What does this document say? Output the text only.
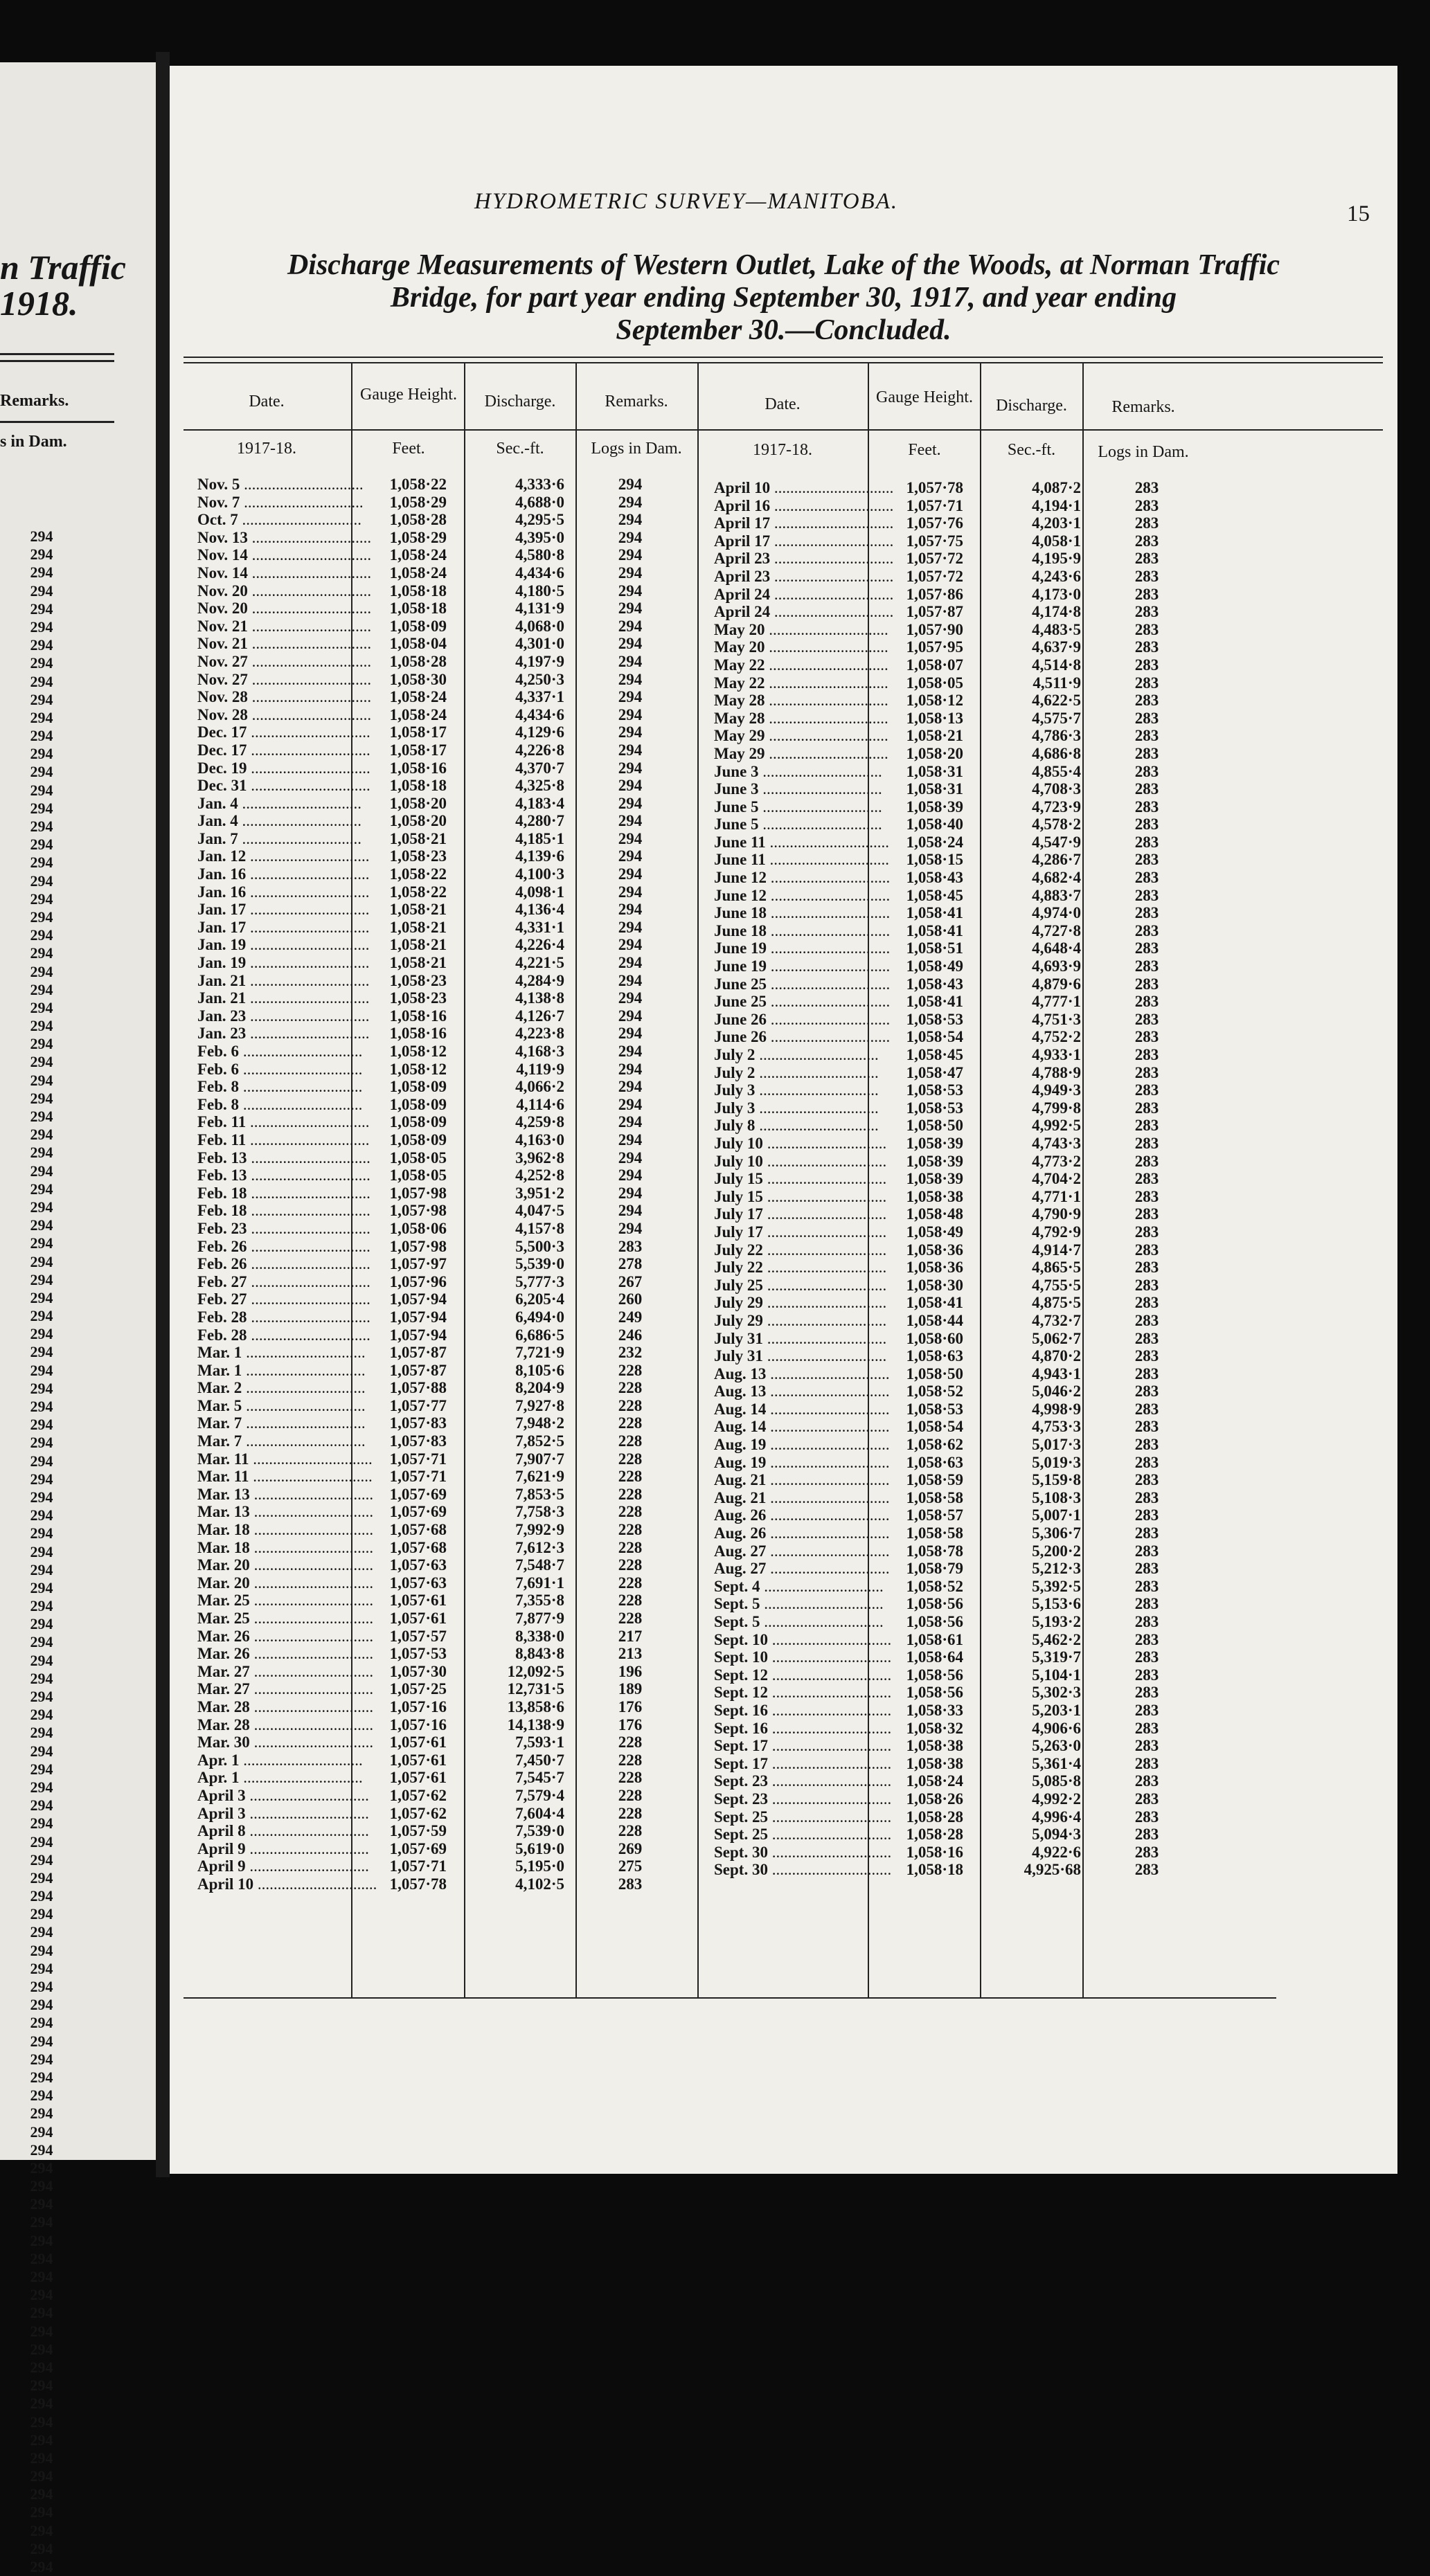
n Traffic
1918.
Remarks.
s in Dam.
294
294
294
294
294
294
294
294
294
294
294
294
294
294
294
294
294
294
294
294
294
294
294
294
294
294
294
294
294
294
294
294
294
294
294
294
294
294
294
294
294
294
294
294
294
294
294
294
294
294
294
294
294
294
294
294
294
294
294
294
294
294
294
294
294
294
294
294
294
294
294
294
294
294
294
294
294
294
294
294
294
294
294
294
294
294
294
294
294
294
294
294
294
294
294
294
294
294
294
294
294
294
294
294
294
294
294
294
294
294
294
294
294
HYDROMETRIC SURVEY—MANITOBA.	15
Discharge Measurements of Western Outlet, Lake of the Woods, at Norman Traffic
Bridge, for part year ending September 30, 1917, and year ending
September 30.—Concluded.
Date.	Gauge Height.	Discharge.	Remarks.	Date.	Gauge Height.	Discharge.	Remarks.
1917-18.	Feet.	Sec.-ft.	Logs in Dam.	1917-18.	Feet.	Sec.-ft.	Logs in Dam.
Nov. 5 .....	1,058·22	4,333·6	294
Nov. 7 .....	1,058·29	4,688·0	294
Oct. 7 .....	1,058·28	4,295·5	294
Nov. 13 .....	1,058·29	4,395·0	294
Nov. 14 .....	1,058·24	4,580·8	294
Nov. 14 .....	1,058·24	4,434·6	294
Nov. 20 .....	1,058·18	4,180·5	294
Nov. 20 .....	1,058·18	4,131·9	294
Nov. 21 .....	1,058·09	4,068·0	294
Nov. 21 .....	1,058·04	4,301·0	294
Nov. 27 .....	1,058·28	4,197·9	294
Nov. 27 .....	1,058·30	4,250·3	294
Nov. 28 .....	1,058·24	4,337·1	294
Nov. 28 .....	1,058·24	4,434·6	294
Dec. 17 .....	1,058·17	4,129·6	294
Dec. 17 .....	1,058·17	4,226·8	294
Dec. 19 .....	1,058·16	4,370·7	294
Dec. 31 .....	1,058·18	4,325·8	294
Jan. 4 .....	1,058·20	4,183·4	294
Jan. 4 .....	1,058·20	4,280·7	294
Jan. 7 .....	1,058·21	4,185·1	294
Jan. 12 .....	1,058·23	4,139·6	294
Jan. 16 .....	1,058·22	4,100·3	294
Jan. 16 .....	1,058·22	4,098·1	294
Jan. 17 .....	1,058·21	4,136·4	294
Jan. 17 .....	1,058·21	4,331·1	294
Jan. 19 .....	1,058·21	4,226·4	294
Jan. 19 .....	1,058·21	4,221·5	294
Jan. 21 .....	1,058·23	4,284·9	294
Jan. 21 .....	1,058·23	4,138·8	294
Jan. 23 .....	1,058·16	4,126·7	294
Jan. 23 .....	1,058·16	4,223·8	294
Feb. 6 .....	1,058·12	4,168·3	294
Feb. 6 .....	1,058·12	4,119·9	294
Feb. 8 .....	1,058·09	4,066·2	294
Feb. 8 .....	1,058·09	4,114·6	294
Feb. 11 .....	1,058·09	4,259·8	294
Feb. 11 .....	1,058·09	4,163·0	294
Feb. 13 .....	1,058·05	3,962·8	294
Feb. 13 .....	1,058·05	4,252·8	294
Feb. 18 .....	1,057·98	3,951·2	294
Feb. 18 .....	1,057·98	4,047·5	294
Feb. 23 .....	1,058·06	4,157·8	294
Feb. 26 .....	1,057·98	5,500·3	283
Feb. 26 .....	1,057·97	5,539·0	278
Feb. 27 .....	1,057·96	5,777·3	267
Feb. 27 .....	1,057·94	6,205·4	260
Feb. 28 .....	1,057·94	6,494·0	249
Feb. 28 .....	1,057·94	6,686·5	246
Mar. 1 .....	1,057·87	7,721·9	232
Mar. 1 .....	1,057·87	8,105·6	228
Mar. 2 .....	1,057·88	8,204·9	228
Mar. 5 .....	1,057·77	7,927·8	228
Mar. 7 .....	1,057·83	7,948·2	228
Mar. 7 .....	1,057·83	7,852·5	228
Mar. 11 .....	1,057·71	7,907·7	228
Mar. 11 .....	1,057·71	7,621·9	228
Mar. 13 .....	1,057·69	7,853·5	228
Mar. 13 .....	1,057·69	7,758·3	228
Mar. 18 .....	1,057·68	7,992·9	228
Mar. 18 .....	1,057·68	7,612·3	228
Mar. 20 .....	1,057·63	7,548·7	228
Mar. 20 .....	1,057·63	7,691·1	228
Mar. 25 .....	1,057·61	7,355·8	228
Mar. 25 .....	1,057·61	7,877·9	228
Mar. 26 .....	1,057·57	8,338·0	217
Mar. 26 .....	1,057·53	8,843·8	213
Mar. 27 .....	1,057·30	12,092·5	196
Mar. 27 .....	1,057·25	12,731·5	189
Mar. 28 .....	1,057·16	13,858·6	176
Mar. 28 .....	1,057·16	14,138·9	176
Mar. 30 .....	1,057·61	7,593·1	228
Apr. 1 .....	1,057·61	7,450·7	228
Apr. 1 .....	1,057·61	7,545·7	228
April 3 .....	1,057·62	7,579·4	228
April 3 .....	1,057·62	7,604·4	228
April 8 .....	1,057·59	7,539·0	228
April 9 .....	1,057·69	5,619·0	269
April 9 .....	1,057·71	5,195·0	275
April 10 .....	1,057·78	4,102·5	283
April 10 .....	1,057·78	4,087·2	283
April 16 .....	1,057·71	4,194·1	283
April 17 .....	1,057·76	4,203·1	283
April 17 .....	1,057·75	4,058·1	283
April 23 .....	1,057·72	4,195·9	283
April 23 .....	1,057·72	4,243·6	283
April 24 .....	1,057·86	4,173·0	283
April 24 .....	1,057·87	4,174·8	283
May 20 .....	1,057·90	4,483·5	283
May 20 .....	1,057·95	4,637·9	283
May 22 .....	1,058·07	4,514·8	283
May 22 .....	1,058·05	4,511·9	283
May 28 .....	1,058·12	4,622·5	283
May 28 .....	1,058·13	4,575·7	283
May 29 .....	1,058·21	4,786·3	283
May 29 .....	1,058·20	4,686·8	283
June 3 .....	1,058·31	4,855·4	283
June 3 .....	1,058·31	4,708·3	283
June 5 .....	1,058·39	4,723·9	283
June 5 .....	1,058·40	4,578·2	283
June 11 .....	1,058·24	4,547·9	283
June 11 .....	1,058·15	4,286·7	283
June 12 .....	1,058·43	4,682·4	283
June 12 .....	1,058·45	4,883·7	283
June 18 .....	1,058·41	4,974·0	283
June 18 .....	1,058·41	4,727·8	283
June 19 .....	1,058·51	4,648·4	283
June 19 .....	1,058·49	4,693·9	283
June 25 .....	1,058·43	4,879·6	283
June 25 .....	1,058·41	4,777·1	283
June 26 .....	1,058·53	4,751·3	283
June 26 .....	1,058·54	4,752·2	283
July 2 .....	1,058·45	4,933·1	283
July 2 .....	1,058·47	4,788·9	283
July 3 .....	1,058·53	4,949·3	283
July 3 .....	1,058·53	4,799·8	283
July 8 .....	1,058·50	4,992·5	283
July 10 .....	1,058·39	4,743·3	283
July 10 .....	1,058·39	4,773·2	283
July 15 .....	1,058·39	4,704·2	283
July 15 .....	1,058·38	4,771·1	283
July 17 .....	1,058·48	4,790·9	283
July 17 .....	1,058·49	4,792·9	283
July 22 .....	1,058·36	4,914·7	283
July 22 .....	1,058·36	4,865·5	283
July 25 .....	1,058·30	4,755·5	283
July 29 .....	1,058·41	4,875·5	283
July 29 .....	1,058·44	4,732·7	283
July 31 .....	1,058·60	5,062·7	283
July 31 .....	1,058·63	4,870·2	283
Aug. 13 .....	1,058·50	4,943·1	283
Aug. 13 .....	1,058·52	5,046·2	283
Aug. 14 .....	1,058·53	4,998·9	283
Aug. 14 .....	1,058·54	4,753·3	283
Aug. 19 .....	1,058·62	5,017·3	283
Aug. 19 .....	1,058·63	5,019·3	283
Aug. 21 .....	1,058·59	5,159·8	283
Aug. 21 .....	1,058·58	5,108·3	283
Aug. 26 .....	1,058·57	5,007·1	283
Aug. 26 .....	1,058·58	5,306·7	283
Aug. 27 .....	1,058·78	5,200·2	283
Aug. 27 .....	1,058·79	5,212·3	283
Sept. 4 .....	1,058·52	5,392·5	283
Sept. 5 .....	1,058·56	5,153·6	283
Sept. 5 .....	1,058·56	5,193·2	283
Sept. 10 .....	1,058·61	5,462·2	283
Sept. 10 .....	1,058·64	5,319·7	283
Sept. 12 .....	1,058·56	5,104·1	283
Sept. 12 .....	1,058·56	5,302·3	283
Sept. 16 .....	1,058·33	5,203·1	283
Sept. 16 .....	1,058·32	4,906·6	283
Sept. 17 .....	1,058·38	5,263·0	283
Sept. 17 .....	1,058·38	5,361·4	283
Sept. 23 .....	1,058·24	5,085·8	283
Sept. 23 .....	1,058·26	4,992·2	283
Sept. 25 .....	1,058·28	4,996·4	283
Sept. 25 .....	1,058·28	5,094·3	283
Sept. 30 .....	1,058·16	4,922·6	283
Sept. 30 .....	1,058·18	4,925·68	283
